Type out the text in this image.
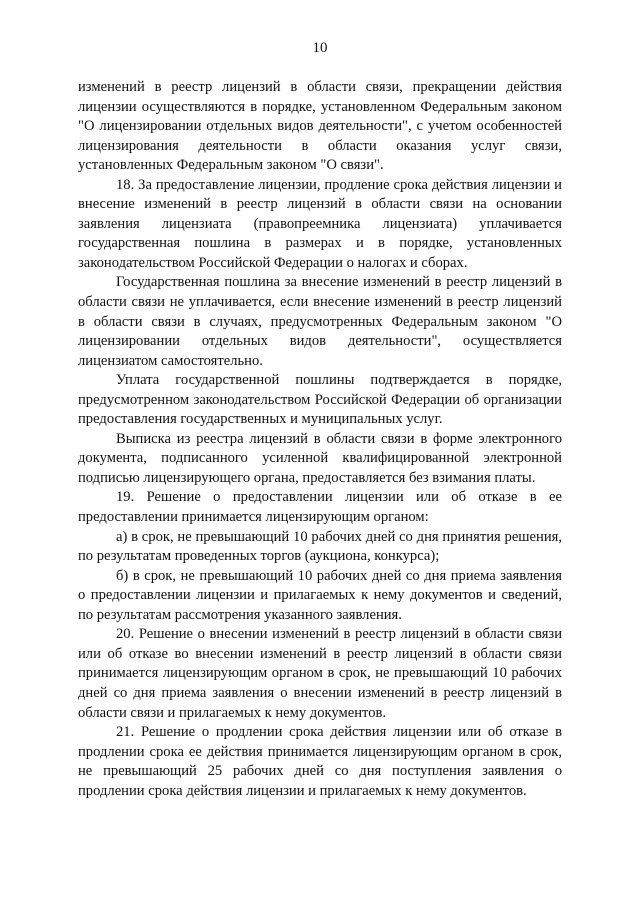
10

изменений в реестр лицензий в области связи, прекращении действия лицензии осуществляются в порядке, установленном Федеральным законом "О лицензировании отдельных видов деятельности", с учетом особенностей лицензирования деятельности в области оказания услуг связи, установленных Федеральным законом "О связи".

18. За предоставление лицензии, продление срока действия лицензии и внесение изменений в реестр лицензий в области связи на основании заявления лицензиата (правопреемника лицензиата) уплачивается государственная пошлина в размерах и в порядке, установленных законодательством Российской Федерации о налогах и сборах.

Государственная пошлина за внесение изменений в реестр лицензий в области связи не уплачивается, если внесение изменений в реестр лицензий в области связи в случаях, предусмотренных Федеральным законом "О лицензировании отдельных видов деятельности", осуществляется лицензиатом самостоятельно.

Уплата государственной пошлины подтверждается в порядке, предусмотренном законодательством Российской Федерации об организации предоставления государственных и муниципальных услуг.

Выписка из реестра лицензий в области связи в форме электронного документа, подписанного усиленной квалифицированной электронной подписью лицензирующего органа, предоставляется без взимания платы.

19. Решение о предоставлении лицензии или об отказе в ее предоставлении принимается лицензирующим органом:

а) в срок, не превышающий 10 рабочих дней со дня принятия решения, по результатам проведенных торгов (аукциона, конкурса);

б) в срок, не превышающий 10 рабочих дней со дня приема заявления о предоставлении лицензии и прилагаемых к нему документов и сведений, по результатам рассмотрения указанного заявления.

20. Решение о внесении изменений в реестр лицензий в области связи или об отказе во внесении изменений в реестр лицензий в области связи принимается лицензирующим органом в срок, не превышающий 10 рабочих дней со дня приема заявления о внесении изменений в реестр лицензий в области связи и прилагаемых к нему документов.

21. Решение о продлении срока действия лицензии или об отказе в продлении срока ее действия принимается лицензирующим органом в срок, не превышающий 25 рабочих дней со дня поступления заявления о продлении срока действия лицензии и прилагаемых к нему документов.
